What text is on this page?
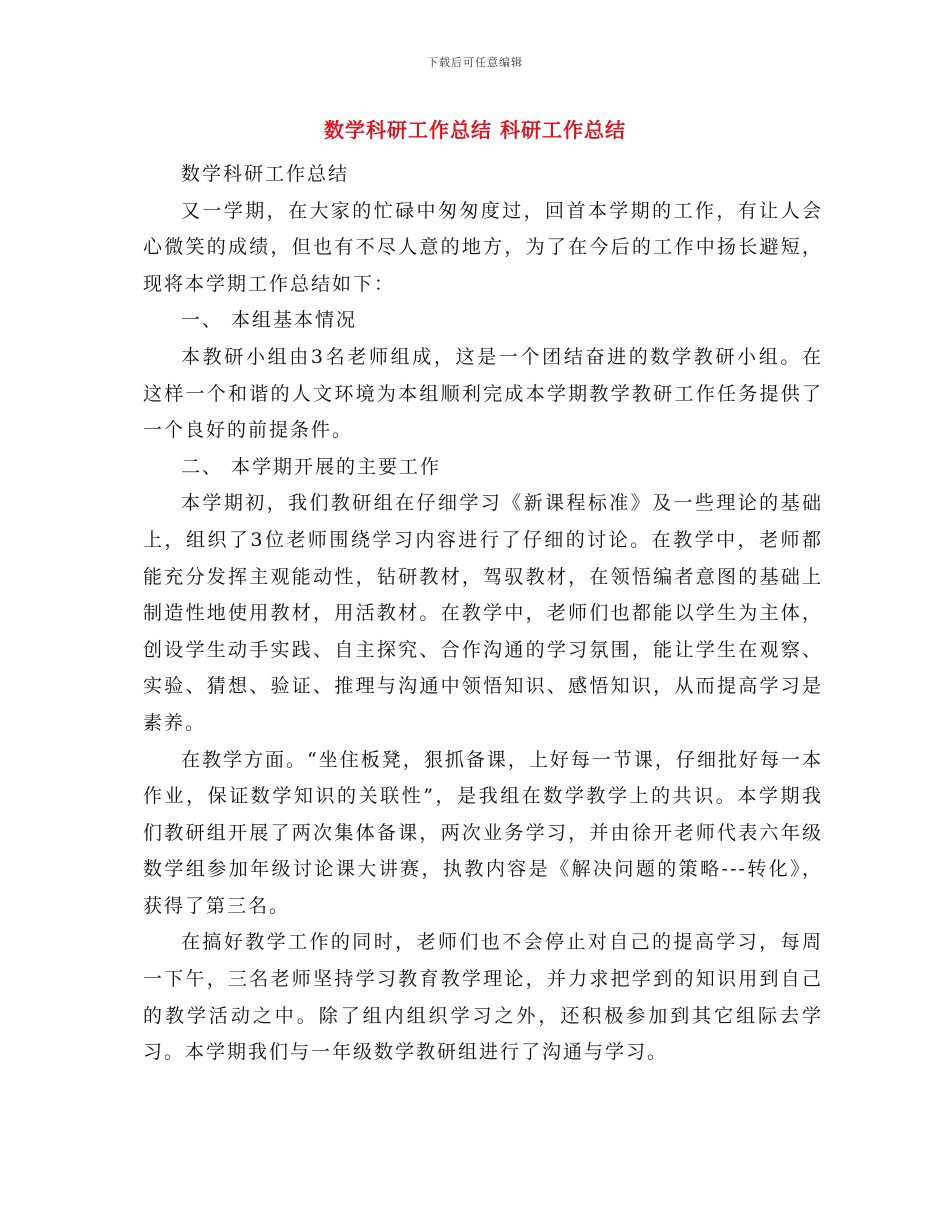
下载后可任意编辑
数学科研工作总结 科研工作总结

数学科研工作总结

又一学期，在大家的忙碌中匆匆度过，回首本学期的工作，有让人会心微笑的成绩，但也有不尽人意的地方，为了在今后的工作中扬长避短，现将本学期工作总结如下：

一、 本组基本情况

本教研小组由3名老师组成，这是一个团结奋进的数学教研小组。在这样一个和谐的人文环境为本组顺利完成本学期教学教研工作任务提供了一个良好的前提条件。

二、 本学期开展的主要工作

本学期初，我们教研组在仔细学习《新课程标准》及一些理论的基础上，组织了3位老师围绕学习内容进行了仔细的讨论。在教学中，老师都能充分发挥主观能动性，钻研教材，驾驭教材，在领悟编者意图的基础上制造性地使用教材，用活教材。在教学中，老师们也都能以学生为主体，创设学生动手实践、自主探究、合作沟通的学习氛围，能让学生在观察、实验、猜想、验证、推理与沟通中领悟知识、感悟知识，从而提高学习是素养。

在教学方面。“坐住板凳，狠抓备课，上好每一节课，仔细批好每一本作业，保证数学知识的关联性”，是我组在数学教学上的共识。本学期我们教研组开展了两次集体备课，两次业务学习，并由徐开老师代表六年级数学组参加年级讨论课大讲赛，执教内容是《解决问题的策略---转化》，获得了第三名。

在搞好教学工作的同时，老师们也不会停止对自己的提高学习，每周一下午，三名老师坚持学习教育教学理论，并力求把学到的知识用到自己的教学活动之中。除了组内组织学习之外，还积极参加到其它组际去学习。本学期我们与一年级数学教研组进行了沟通与学习。
